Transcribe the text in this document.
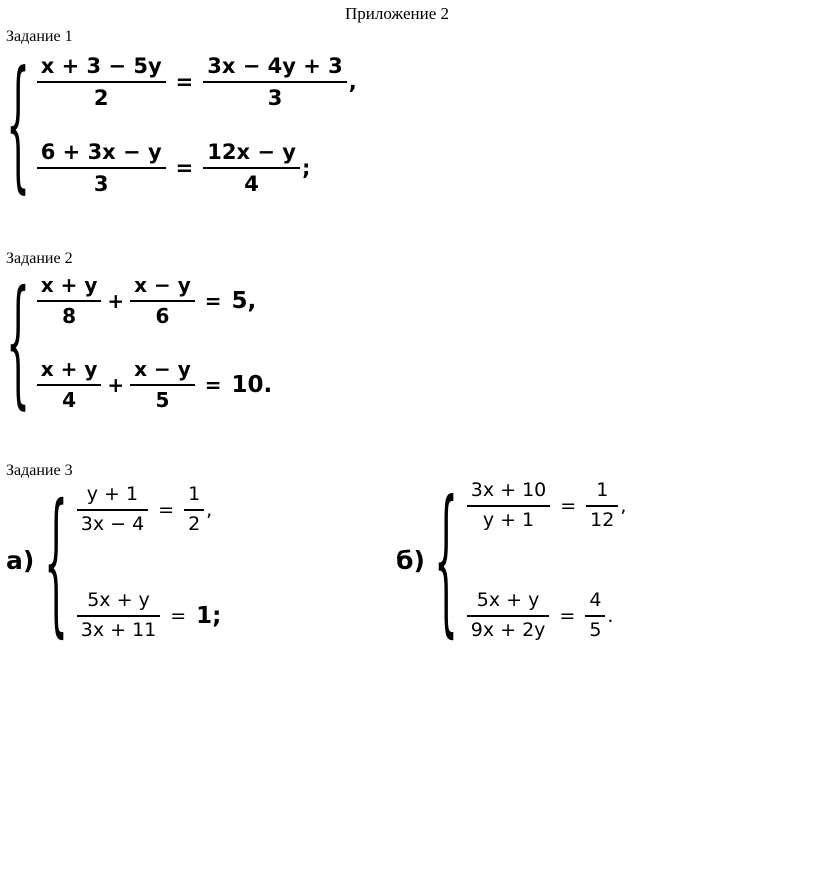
Приложение 2
Задание 1
{ $\frac{x + 3 - 5y}{2} = \frac{3x - 4y + 3}{3}$ ,
$\frac{6 + 3x - y}{3} = \frac{12x - y}{4}$ ;
Задание 2
{ $\frac{x + y}{8} + \frac{x - y}{6} = 5$,
$\frac{x + y}{4} + \frac{x - y}{5} = 10$.
Задание 3
а) { $\frac{y + 1}{3x - 4} = \frac{1}{2}$ ,
$\frac{5x + y}{3x + 11} = 1$;
б) { $\frac{3x + 10}{y + 1} = \frac{1}{12}$ ,
$\frac{5x + y}{9x + 2y} = \frac{4}{5}$ .
